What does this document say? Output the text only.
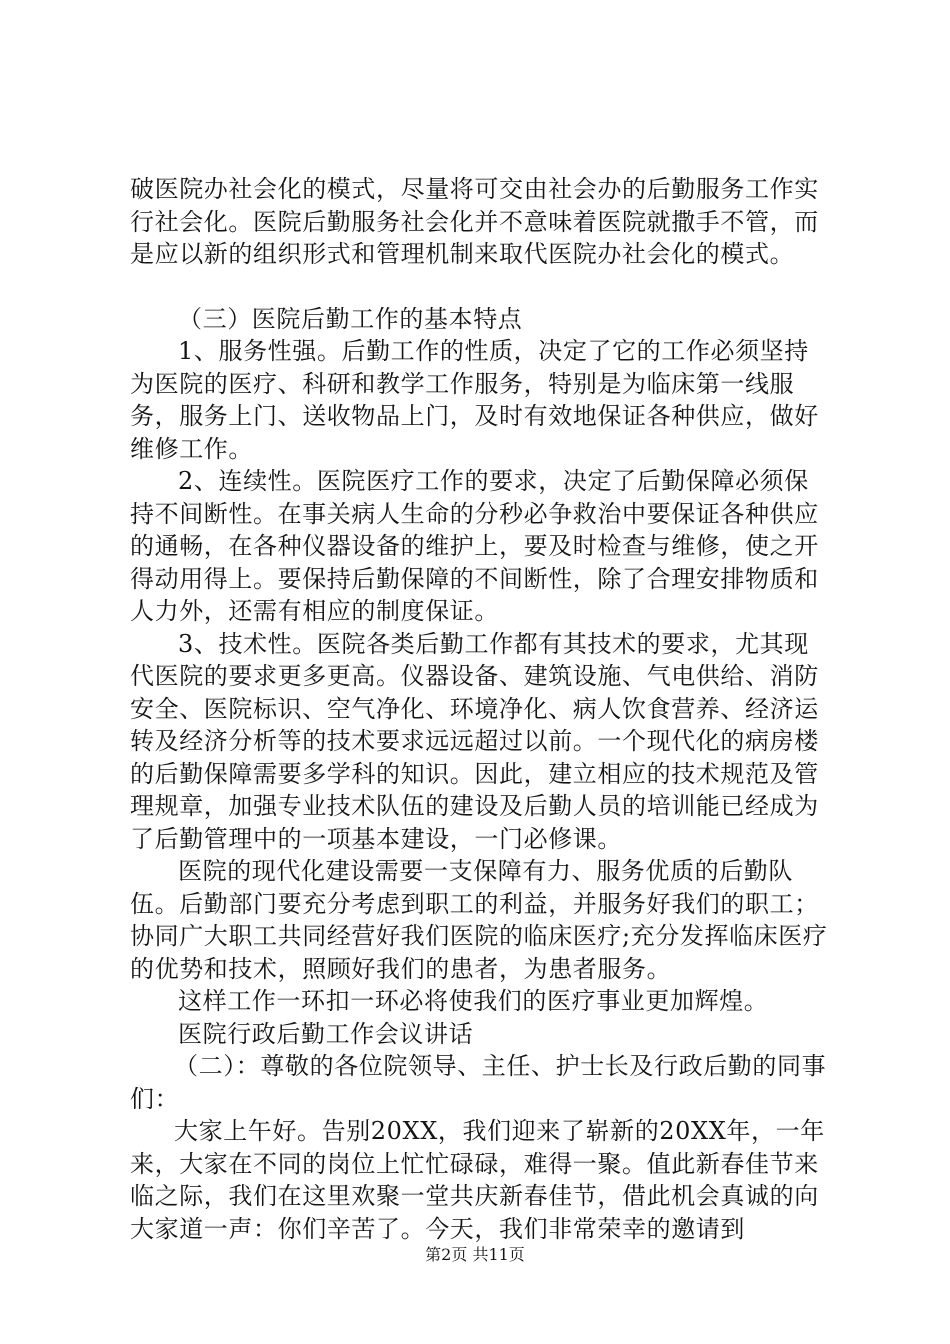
破医院办社会化的模式，尽量将可交由社会办的后勤服务工作实行社会化。医院后勤服务社会化并不意味着医院就撒手不管，而是应以新的组织形式和管理机制来取代医院办社会化的模式。

（三）医院后勤工作的基本特点

1、服务性强。后勤工作的性质，决定了它的工作必须坚持为医院的医疗、科研和教学工作服务，特别是为临床第一线服务，服务上门、送收物品上门，及时有效地保证各种供应，做好维修工作。

2、连续性。医院医疗工作的要求，决定了后勤保障必须保持不间断性。在事关病人生命的分秒必争救治中要保证各种供应的通畅，在各种仪器设备的维护上，要及时检查与维修，使之开得动用得上。要保持后勤保障的不间断性，除了合理安排物质和人力外，还需有相应的制度保证。

3、技术性。医院各类后勤工作都有其技术的要求，尤其现代医院的要求更多更高。仪器设备、建筑设施、气电供给、消防安全、医院标识、空气净化、环境净化、病人饮食营养、经济运转及经济分析等的技术要求远远超过以前。一个现代化的病房楼的后勤保障需要多学科的知识。因此，建立相应的技术规范及管理规章，加强专业技术队伍的建设及后勤人员的培训能已经成为了后勤管理中的一项基本建设，一门必修课。

医院的现代化建设需要一支保障有力、服务优质的后勤队伍。后勤部门要充分考虑到职工的利益，并服务好我们的职工；协同广大职工共同经营好我们医院的临床医疗;充分发挥临床医疗的优势和技术，照顾好我们的患者，为患者服务。

这样工作一环扣一环必将使我们的医疗事业更加辉煌。

医院行政后勤工作会议讲话

（二）：尊敬的各位院领导、主任、护士长及行政后勤的同事们：

大家上午好。告别20XX，我们迎来了崭新的20XX年，一年来，大家在不同的岗位上忙忙碌碌，难得一聚。值此新春佳节来临之际，我们在这里欢聚一堂共庆新春佳节，借此机会真诚的向大家道一声：你们辛苦了。今天，我们非常荣幸的邀请到

第2页 共11页
